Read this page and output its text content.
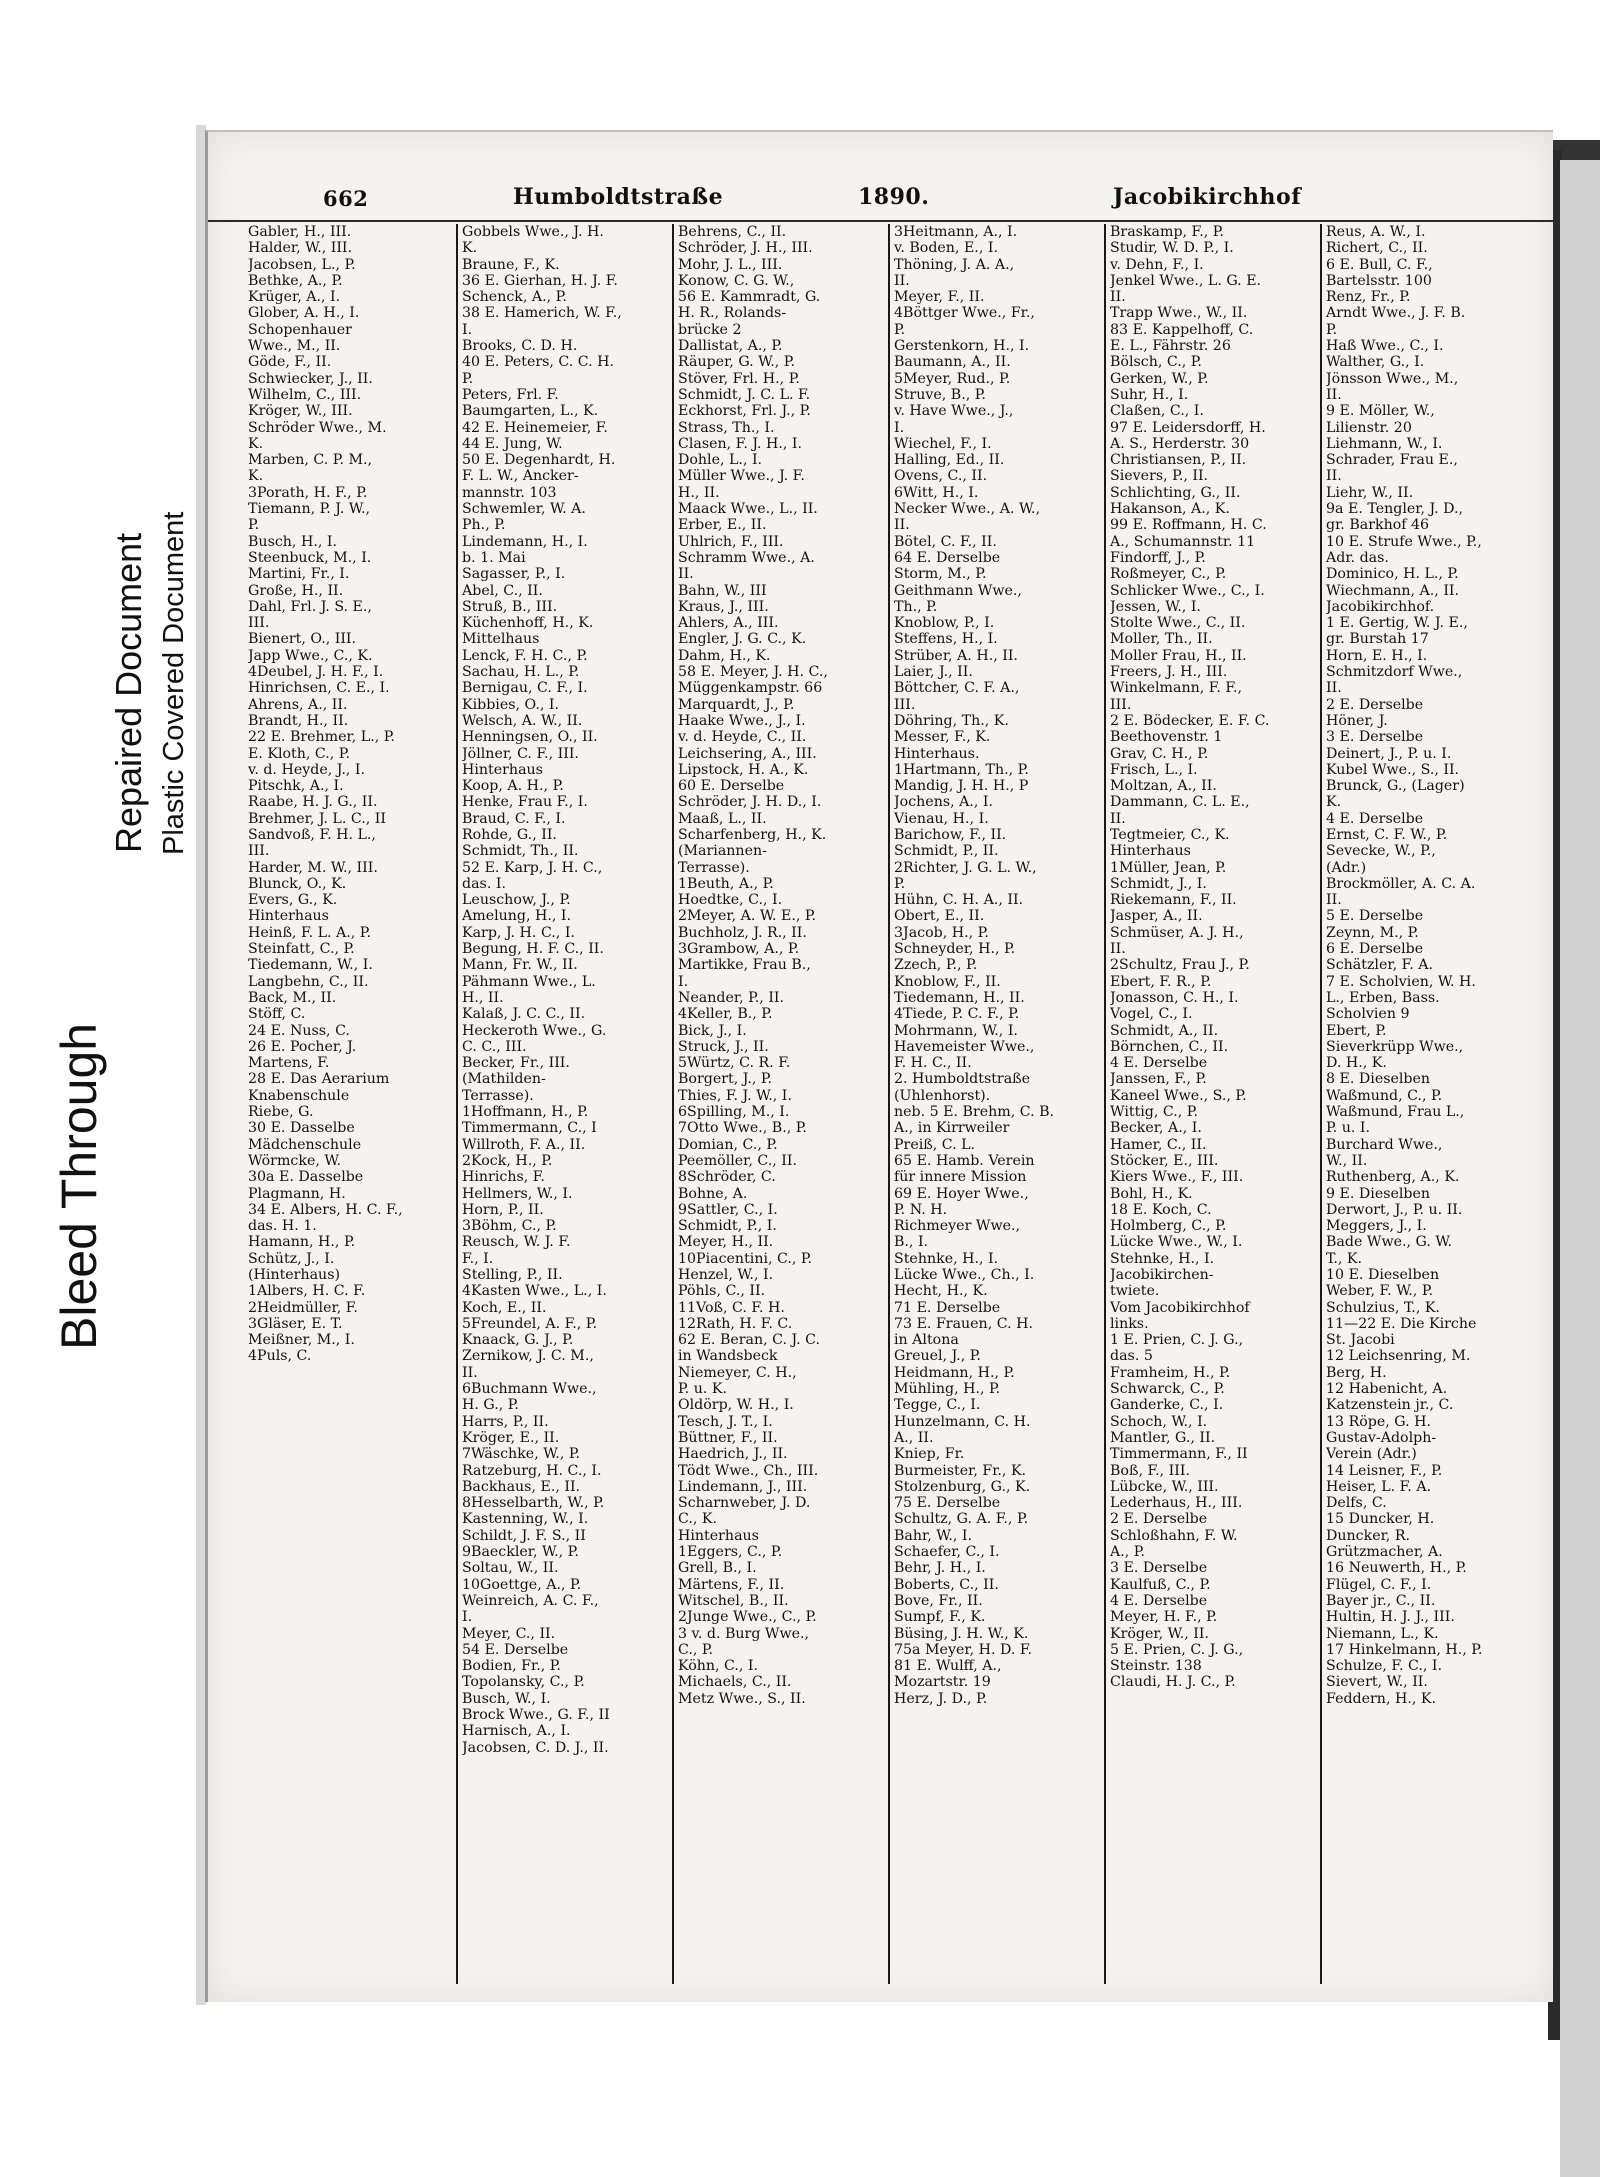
Bleed Through
Repaired Document Plastic Covered Document
662	Humboldtstraße	1890.	Jacobikirchhof
Gabler, H., III.
Halder, W., III.
Jacobsen, L., P.
Bethke, A., P.
Krüger, A., I.
Glober, A. H., I.
Schopenhauer
Wwe., M., II.
Göde, F., II.
Schwiecker, J., II.
Wilhelm, C., III.
Kröger, W., III.
Schröder Wwe., M.
K.
Marben, C. P. M.,
K.
3Porath, H. F., P.
Tiemann, P. J. W.,
P.
Busch, H., I.
Steenbuck, M., I.
Martini, Fr., I.
Große, H., II.
Dahl, Frl. J. S. E.,
III.
Bienert, O., III.
Japp Wwe., C., K.
4Deubel, J. H. F., I.
Hinrichsen, C. E., I.
Ahrens, A., II.
Brandt, H., II.
22 E. Brehmer, L., P.
E. Kloth, C., P.
v. d. Heyde, J., I.
Pitschk, A., I.
Raabe, H. J. G., II.
Brehmer, J. L. C., II
Sandvoß, F. H. L.,
III.
Harder, M. W., III.
Blunck, O., K.
Evers, G., K.
Hinterhaus
Heinß, F. L. A., P.
Steinfatt, C., P.
Tiedemann, W., I.
Langbehn, C., II.
Back, M., II.
Stöff, C.
24 E. Nuss, C.
26 E. Pocher, J.
Martens, F.
28 E. Das Aerarium
Knabenschule
Riebe, G.
30 E. Dasselbe
Mädchenschule
Wörmcke, W.
30a E. Dasselbe
Plagmann, H.
34 E. Albers, H. C. F.,
das. H. 1.
Hamann, H., P.
Schütz, J., I.
(Hinterhaus)
1Albers, H. C. F.
2Heidmüller, F.
3Gläser, E. T.
Meißner, M., I.
4Puls, C.
Gobbels Wwe., J. H.
K.
Braune, F., K.
36 E. Gierhan, H. J. F.
Schenck, A., P.
38 E. Hamerich, W. F.,
I.
Brooks, C. D. H.
40 E. Peters, C. C. H.
P.
Peters, Frl. F.
Baumgarten, L., K.
42 E. Heinemeier, F.
44 E. Jung, W.
50 E. Degenhardt, H.
F. L. W., Ancker-
mannstr. 103
Schwemler, W. A.
Ph., P.
Lindemann, H., I.
b. 1. Mai
Sagasser, P., I.
Abel, C., II.
Struß, B., III.
Küchenhoff, H., K.
Mittelhaus
Lenck, F. H. C., P.
Sachau, H. L., P.
Bernigau, C. F., I.
Kibbies, O., I.
Welsch, A. W., II.
Henningsen, O., II.
Jöllner, C. F., III.
Hinterhaus
Koop, A. H., P.
Henke, Frau F., I.
Braud, C. F., I.
Rohde, G., II.
Schmidt, Th., II.
52 E. Karp, J. H. C.,
das. I.
Leuschow, J., P.
Amelung, H., I.
Karp, J. H. C., I.
Begung, H. F. C., II.
Mann, Fr. W., II.
Pähmann Wwe., L.
H., II.
Kalaß, J. C. C., II.
Heckeroth Wwe., G.
C. C., III.
Becker, Fr., III.
(Mathilden-
Terrasse).
1Hoffmann, H., P.
Timmermann, C., I
Willroth, F. A., II.
2Kock, H., P.
Hinrichs, F.
Hellmers, W., I.
Horn, P., II.
3Böhm, C., P.
Reusch, W. J. F.
F., I.
Stelling, P., II.
4Kasten Wwe., L., I.
Koch, E., II.
5Freundel, A. F., P.
Knaack, G. J., P.
Zernikow, J. C. M.,
II.
6Buchmann Wwe.,
H. G., P.
Harrs, P., II.
Kröger, E., II.
7Wäschke, W., P.
Ratzeburg, H. C., I.
Backhaus, E., II.
8Hesselbarth, W., P.
Kastenning, W., I.
Schildt, J. F. S., II
9Baeckler, W., P.
Soltau, W., II.
10Goettge, A., P.
Weinreich, A. C. F.,
I.
Meyer, C., II.
54 E. Derselbe
Bodien, Fr., P.
Topolansky, C., P.
Busch, W., I.
Brock Wwe., G. F., II
Harnisch, A., I.
Jacobsen, C. D. J., II.
Behrens, C., II.
Schröder, J. H., III.
Mohr, J. L., III.
Konow, C. G. W.,
56 E. Kammradt, G.
H. R., Rolands-
brücke 2
Dallistat, A., P.
Räuper, G. W., P.
Stöver, Frl. H., P.
Schmidt, J. C. L. F.
Eckhorst, Frl. J., P.
Strass, Th., I.
Clasen, F. J. H., I.
Dohle, L., I.
Müller Wwe., J. F.
H., II.
Maack Wwe., L., II.
Erber, E., II.
Uhlrich, F., III.
Schramm Wwe., A.
II.
Bahn, W., III
Kraus, J., III.
Ahlers, A., III.
Engler, J. G. C., K.
Dahm, H., K.
58 E. Meyer, J. H. C.,
Müggenkampstr. 66
Marquardt, J., P.
Haake Wwe., J., I.
v. d. Heyde, C., II.
Leichsering, A., III.
Lipstock, H. A., K.
60 E. Derselbe
Schröder, J. H. D., I.
Maaß, L., II.
Scharfenberg, H., K.
(Mariannen-
Terrasse).
1Beuth, A., P.
Hoedtke, C., I.
2Meyer, A. W. E., P.
Buchholz, J. R., II.
3Grambow, A., P.
Martikke, Frau B.,
I.
Neander, P., II.
4Keller, B., P.
Bick, J., I.
Struck, J., II.
5Würtz, C. R. F.
Borgert, J., P.
Thies, F. J. W., I.
6Spilling, M., I.
7Otto Wwe., B., P.
Domian, C., P.
Peemöller, C., II.
8Schröder, C.
Bohne, A.
9Sattler, C., I.
Schmidt, P., I.
Meyer, H., II.
10Piacentini, C., P.
Henzel, W., I.
Pöhls, C., II.
11Voß, C. F. H.
12Rath, H. F. C.
62 E. Beran, C. J. C.
in Wandsbeck
Niemeyer, C. H.,
P. u. K.
Oldörp, W. H., I.
Tesch, J. T., I.
Büttner, F., II.
Haedrich, J., II.
Tödt Wwe., Ch., III.
Lindemann, J., III.
Scharnweber, J. D.
C., K.
Hinterhaus
1Eggers, C., P.
Grell, B., I.
Märtens, F., II.
Witschel, B., II.
2Junge Wwe., C., P.
3 v. d. Burg Wwe.,
C., P.
Köhn, C., I.
Michaels, C., II.
Metz Wwe., S., II.
3Heitmann, A., I.
v. Boden, E., I.
Thöning, J. A. A.,
II.
Meyer, F., II.
4Böttger Wwe., Fr.,
P.
Gerstenkorn, H., I.
Baumann, A., II.
5Meyer, Rud., P.
Struve, B., P.
v. Have Wwe., J.,
I.
Wiechel, F., I.
Halling, Ed., II.
Ovens, C., II.
6Witt, H., I.
Necker Wwe., A. W.,
II.
Bötel, C. F., II.
64 E. Derselbe
Storm, M., P.
Geithmann Wwe.,
Th., P.
Knoblow, P., I.
Steffens, H., I.
Strüber, A. H., II.
Laier, J., II.
Böttcher, C. F. A.,
III.
Döhring, Th., K.
Messer, F., K.
Hinterhaus.
1Hartmann, Th., P.
Mandig, J. H. H., P
Jochens, A., I.
Vienau, H., I.
Barichow, F., II.
Schmidt, P., II.
2Richter, J. G. L. W.,
P.
Hühn, C. H. A., II.
Obert, E., II.
3Jacob, H., P.
Schneyder, H., P.
Zzech, P., P.
Knoblow, F., II.
Tiedemann, H., II.
4Tiede, P. C. F., P.
Mohrmann, W., I.
Havemeister Wwe.,
F. H. C., II.
2. Humboldtstraße
(Uhlenhorst).
neb. 5 E. Brehm, C. B.
A., in Kirrweiler
Preiß, C. L.
65 E. Hamb. Verein
für innere Mission
69 E. Hoyer Wwe.,
P. N. H.
Richmeyer Wwe.,
B., I.
Stehnke, H., I.
Lücke Wwe., Ch., I.
Hecht, H., K.
71 E. Derselbe
73 E. Frauen, C. H.
in Altona
Greuel, J., P.
Heidmann, H., P.
Mühling, H., P.
Tegge, C., I.
Hunzelmann, C. H.
A., II.
Kniep, Fr.
Burmeister, Fr., K.
Stolzenburg, G., K.
75 E. Derselbe
Schultz, G. A. F., P.
Bahr, W., I.
Schaefer, C., I.
Behr, J. H., I.
Boberts, C., II.
Bove, Fr., II.
Sumpf, F., K.
Büsing, J. H. W., K.
75a Meyer, H. D. F.
81 E. Wulff, A.,
Mozartstr. 19
Herz, J. D., P.
Braskamp, F., P.
Studir, W. D. P., I.
v. Dehn, F., I.
Jenkel Wwe., L. G. E.
II.
Trapp Wwe., W., II.
83 E. Kappelhoff, C.
E. L., Fährstr. 26
Bölsch, C., P.
Gerken, W., P.
Suhr, H., I.
Claßen, C., I.
97 E. Leidersdorff, H.
A. S., Herderstr. 30
Christiansen, P., II.
Sievers, P., II.
Schlichting, G., II.
Hakanson, A., K.
99 E. Roffmann, H. C.
A., Schumannstr. 11
Findorff, J., P.
Roßmeyer, C., P.
Schlicker Wwe., C., I.
Jessen, W., I.
Stolte Wwe., C., II.
Moller, Th., II.
Moller Frau, H., II.
Freers, J. H., III.
Winkelmann, F. F.,
III.
2 E. Bödecker, E. F. C.
Beethovenstr. 1
Grav, C. H., P.
Frisch, L., I.
Moltzan, A., II.
Dammann, C. L. E.,
II.
Tegtmeier, C., K.
Hinterhaus
1Müller, Jean, P.
Schmidt, J., I.
Riekemann, F., II.
Jasper, A., II.
Schmüser, A. J. H.,
II.
2Schultz, Frau J., P.
Ebert, F. R., P.
Jonasson, C. H., I.
Vogel, C., I.
Schmidt, A., II.
Börnchen, C., II.
4 E. Derselbe
Janssen, F., P.
Kaneel Wwe., S., P.
Wittig, C., P.
Becker, A., I.
Hamer, C., II.
Stöcker, E., III.
Kiers Wwe., F., III.
Bohl, H., K.
18 E. Koch, C.
Holmberg, C., P.
Lücke Wwe., W., I.
Stehnke, H., I.
Jacobikirchen-
twiete.
Vom Jacobikirchhof
links.
1 E. Prien, C. J. G.,
das. 5
Framheim, H., P.
Schwarck, C., P.
Ganderke, C., I.
Schoch, W., I.
Mantler, G., II.
Timmermann, F., II
Boß, F., III.
Lübcke, W., III.
Lederhaus, H., III.
2 E. Derselbe
Schloßhahn, F. W.
A., P.
3 E. Derselbe
Kaulfuß, C., P.
4 E. Derselbe
Meyer, H. F., P.
Kröger, W., II.
5 E. Prien, C. J. G.,
Steinstr. 138
Claudi, H. J. C., P.
Reus, A. W., I.
Richert, C., II.
6 E. Bull, C. F.,
Bartelsstr. 100
Renz, Fr., P.
Arndt Wwe., J. F. B.
P.
Haß Wwe., C., I.
Walther, G., I.
Jönsson Wwe., M.,
II.
9 E. Möller, W.,
Lilienstr. 20
Liehmann, W., I.
Schrader, Frau E.,
II.
Liehr, W., II.
9a E. Tengler, J. D.,
gr. Barkhof 46
10 E. Strufe Wwe., P.,
Adr. das.
Dominico, H. L., P.
Wiechmann, A., II.
Jacobikirchhof.
1 E. Gertig, W. J. E.,
gr. Burstah 17
Horn, E. H., I.
Schmitzdorf Wwe.,
II.
2 E. Derselbe
Höner, J.
3 E. Derselbe
Deinert, J., P. u. I.
Kubel Wwe., S., II.
Brunck, G., (Lager)
K.
4 E. Derselbe
Ernst, C. F. W., P.
Sevecke, W., P.,
(Adr.)
Brockmöller, A. C. A.
II.
5 E. Derselbe
Zeynn, M., P.
6 E. Derselbe
Schätzler, F. A.
7 E. Scholvien, W. H.
L., Erben, Bass.
Scholvien 9
Ebert, P.
Sieverkrüpp Wwe.,
D. H., K.
8 E. Dieselben
Waßmund, C., P.
Waßmund, Frau L.,
P. u. I.
Burchard Wwe.,
W., II.
Ruthenberg, A., K.
9 E. Dieselben
Derwort, J., P. u. II.
Meggers, J., I.
Bade Wwe., G. W.
T., K.
10 E. Dieselben
Weber, F. W., P.
Schulzius, T., K.
11—22 E. Die Kirche
St. Jacobi
12 Leichsenring, M.
Berg, H.
12 Habenicht, A.
Katzenstein jr., C.
13 Röpe, G. H.
Gustav-Adolph-
Verein (Adr.)
14 Leisner, F., P.
Heiser, L. F. A.
Delfs, C.
15 Duncker, H.
Duncker, R.
Grützmacher, A.
16 Neuwerth, H., P.
Flügel, C. F., I.
Bayer jr., C., II.
Hultin, H. J. J., III.
Niemann, L., K.
17 Hinkelmann, H., P.
Schulze, F. C., I.
Sievert, W., II.
Feddern, H., K.
